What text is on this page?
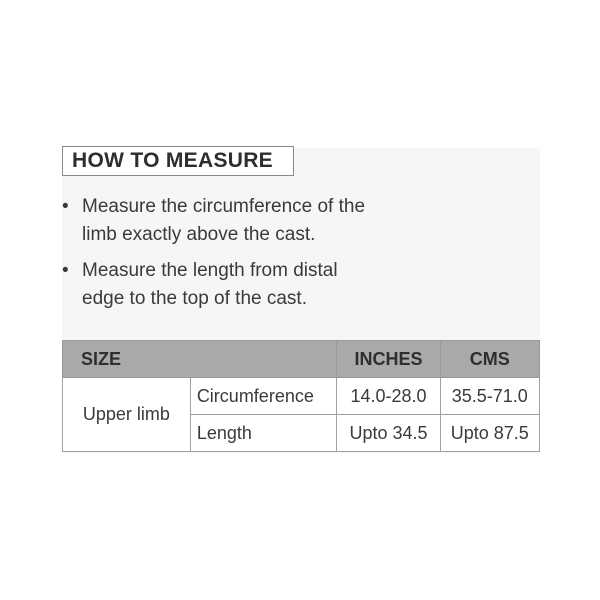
HOW TO MEASURE
• Measure the circumference of the
limb exactly above the cast.
• Measure the length from distal
edge to the top of the cast.
SIZE		INCHES	CMS
Upper limb	Circumference	14.0-28.0	35.5-71.0
	Length	Upto 34.5	Upto 87.5
